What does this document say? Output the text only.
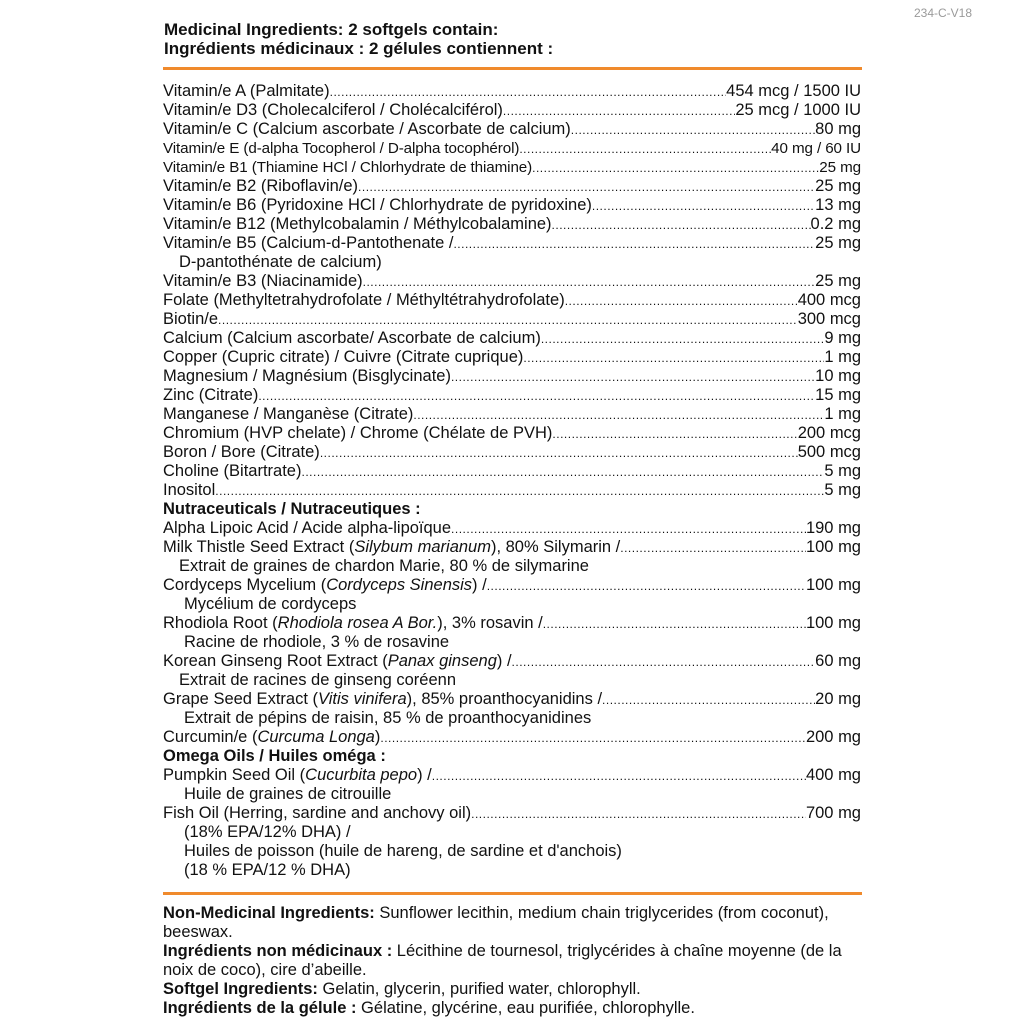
234-C-V18
Medicinal Ingredients: 2 softgels contain:
Ingrédients médicinaux : 2 gélules contiennent :
Vitamin/e A (Palmitate) .....	454 mcg / 1500 IU
Vitamin/e D3 (Cholecalciferol / Cholécalciférol) .....	25 mcg / 1000 IU
Vitamin/e C (Calcium ascorbate / Ascorbate de calcium) .....	80 mg
Vitamin/e E (d-alpha Tocopherol / D-alpha tocophérol) .....	40 mg / 60 IU
Vitamin/e B1 (Thiamine HCl / Chlorhydrate de thiamine) .....	25 mg
Vitamin/e B2 (Riboflavin/e) .....	25 mg
Vitamin/e B6 (Pyridoxine HCl / Chlorhydrate de pyridoxine) .....	13 mg
Vitamin/e B12 (Methylcobalamin / Méthylcobalamine) .....	0.2 mg
Vitamin/e B5 (Calcium-d-Pantothenate / .....	25 mg
D-pantothénate de calcium)
Vitamin/e B3 (Niacinamide) .....	25 mg
Folate (Methyltetrahydrofolate / Méthyltétrahydrofolate) .....	400 mcg
Biotin/e .....	300 mcg
Calcium (Calcium ascorbate/ Ascorbate de calcium) .....	9 mg
Copper (Cupric citrate) / Cuivre (Citrate cuprique) .....	1 mg
Magnesium / Magnésium (Bisglycinate) .....	10 mg
Zinc (Citrate) .....	15 mg
Manganese / Manganèse (Citrate) .....	1 mg
Chromium (HVP chelate) / Chrome (Chélate de PVH) .....	200 mcg
Boron / Bore (Citrate) .....	500 mcg
Choline (Bitartrate) .....	5 mg
Inositol .....	5 mg
Nutraceuticals / Nutraceutiques :
Alpha Lipoic Acid / Acide alpha-lipoïque .....	190 mg
Milk Thistle Seed Extract (Silybum marianum), 80% Silymarin / .....	100 mg
Extrait de graines de chardon Marie, 80 % de silymarine
Cordyceps Mycelium (Cordyceps Sinensis) / .....	100 mg
Mycélium de cordyceps
Rhodiola Root (Rhodiola rosea A Bor.), 3% rosavin / .....	100 mg
Racine de rhodiole, 3 % de rosavine
Korean Ginseng Root Extract (Panax ginseng) / .....	60 mg
Extrait de racines de ginseng coréenn
Grape Seed Extract (Vitis vinifera), 85% proanthocyanidins / .....	20 mg
Extrait de pépins de raisin, 85 % de proanthocyanidines
Curcumin/e (Curcuma Longa) .....	200 mg
Omega Oils / Huiles oméga :
Pumpkin Seed Oil (Cucurbita pepo) / .....	400 mg
Huile de graines de citrouille
Fish Oil (Herring, sardine and anchovy oil) .....	700 mg
(18% EPA/12% DHA) /
Huiles de poisson (huile de hareng, de sardine et d'anchois)
(18 % EPA/12 % DHA)
Non-Medicinal Ingredients: Sunflower lecithin, medium chain triglycerides (from coconut), beeswax.
Ingrédients non médicinaux : Lécithine de tournesol, triglycérides à chaîne moyenne (de la noix de coco), cire d’abeille.
Softgel Ingredients: Gelatin, glycerin, purified water, chlorophyll.
Ingrédients de la gélule : Gélatine, glycérine, eau purifiée, chlorophylle.
